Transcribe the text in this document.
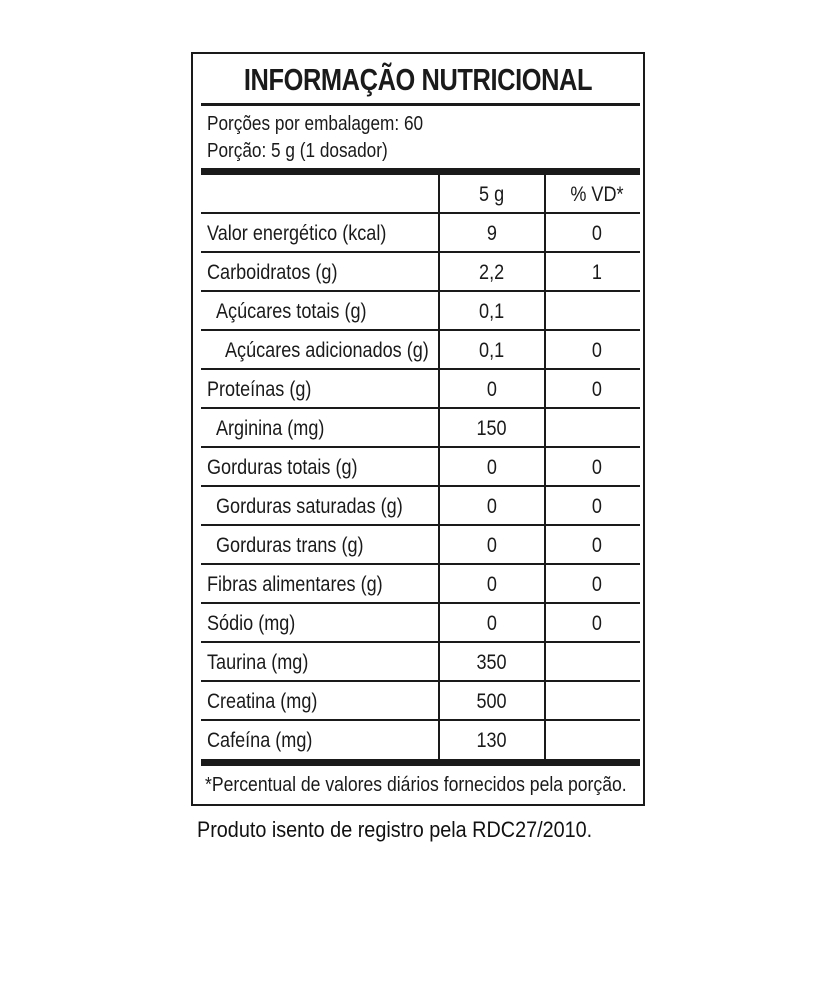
INFORMAÇÃO NUTRICIONAL
Porções por embalagem: 60
Porção: 5 g (1 dosador)
5 g	% VD*
Valor energético (kcal)	9	0
Carboidratos (g)	2,2	1
Açúcares totais (g)	0,1
Açúcares adicionados (g)	0,1	0
Proteínas (g)	0	0
Arginina (mg)	150
Gorduras totais (g)	0	0
Gorduras saturadas (g)	0	0
Gorduras trans (g)	0	0
Fibras alimentares (g)	0	0
Sódio (mg)	0	0
Taurina (mg)	350
Creatina (mg)	500
Cafeína (mg)	130
*Percentual de valores diários fornecidos pela porção.
Produto isento de registro pela RDC27/2010.
